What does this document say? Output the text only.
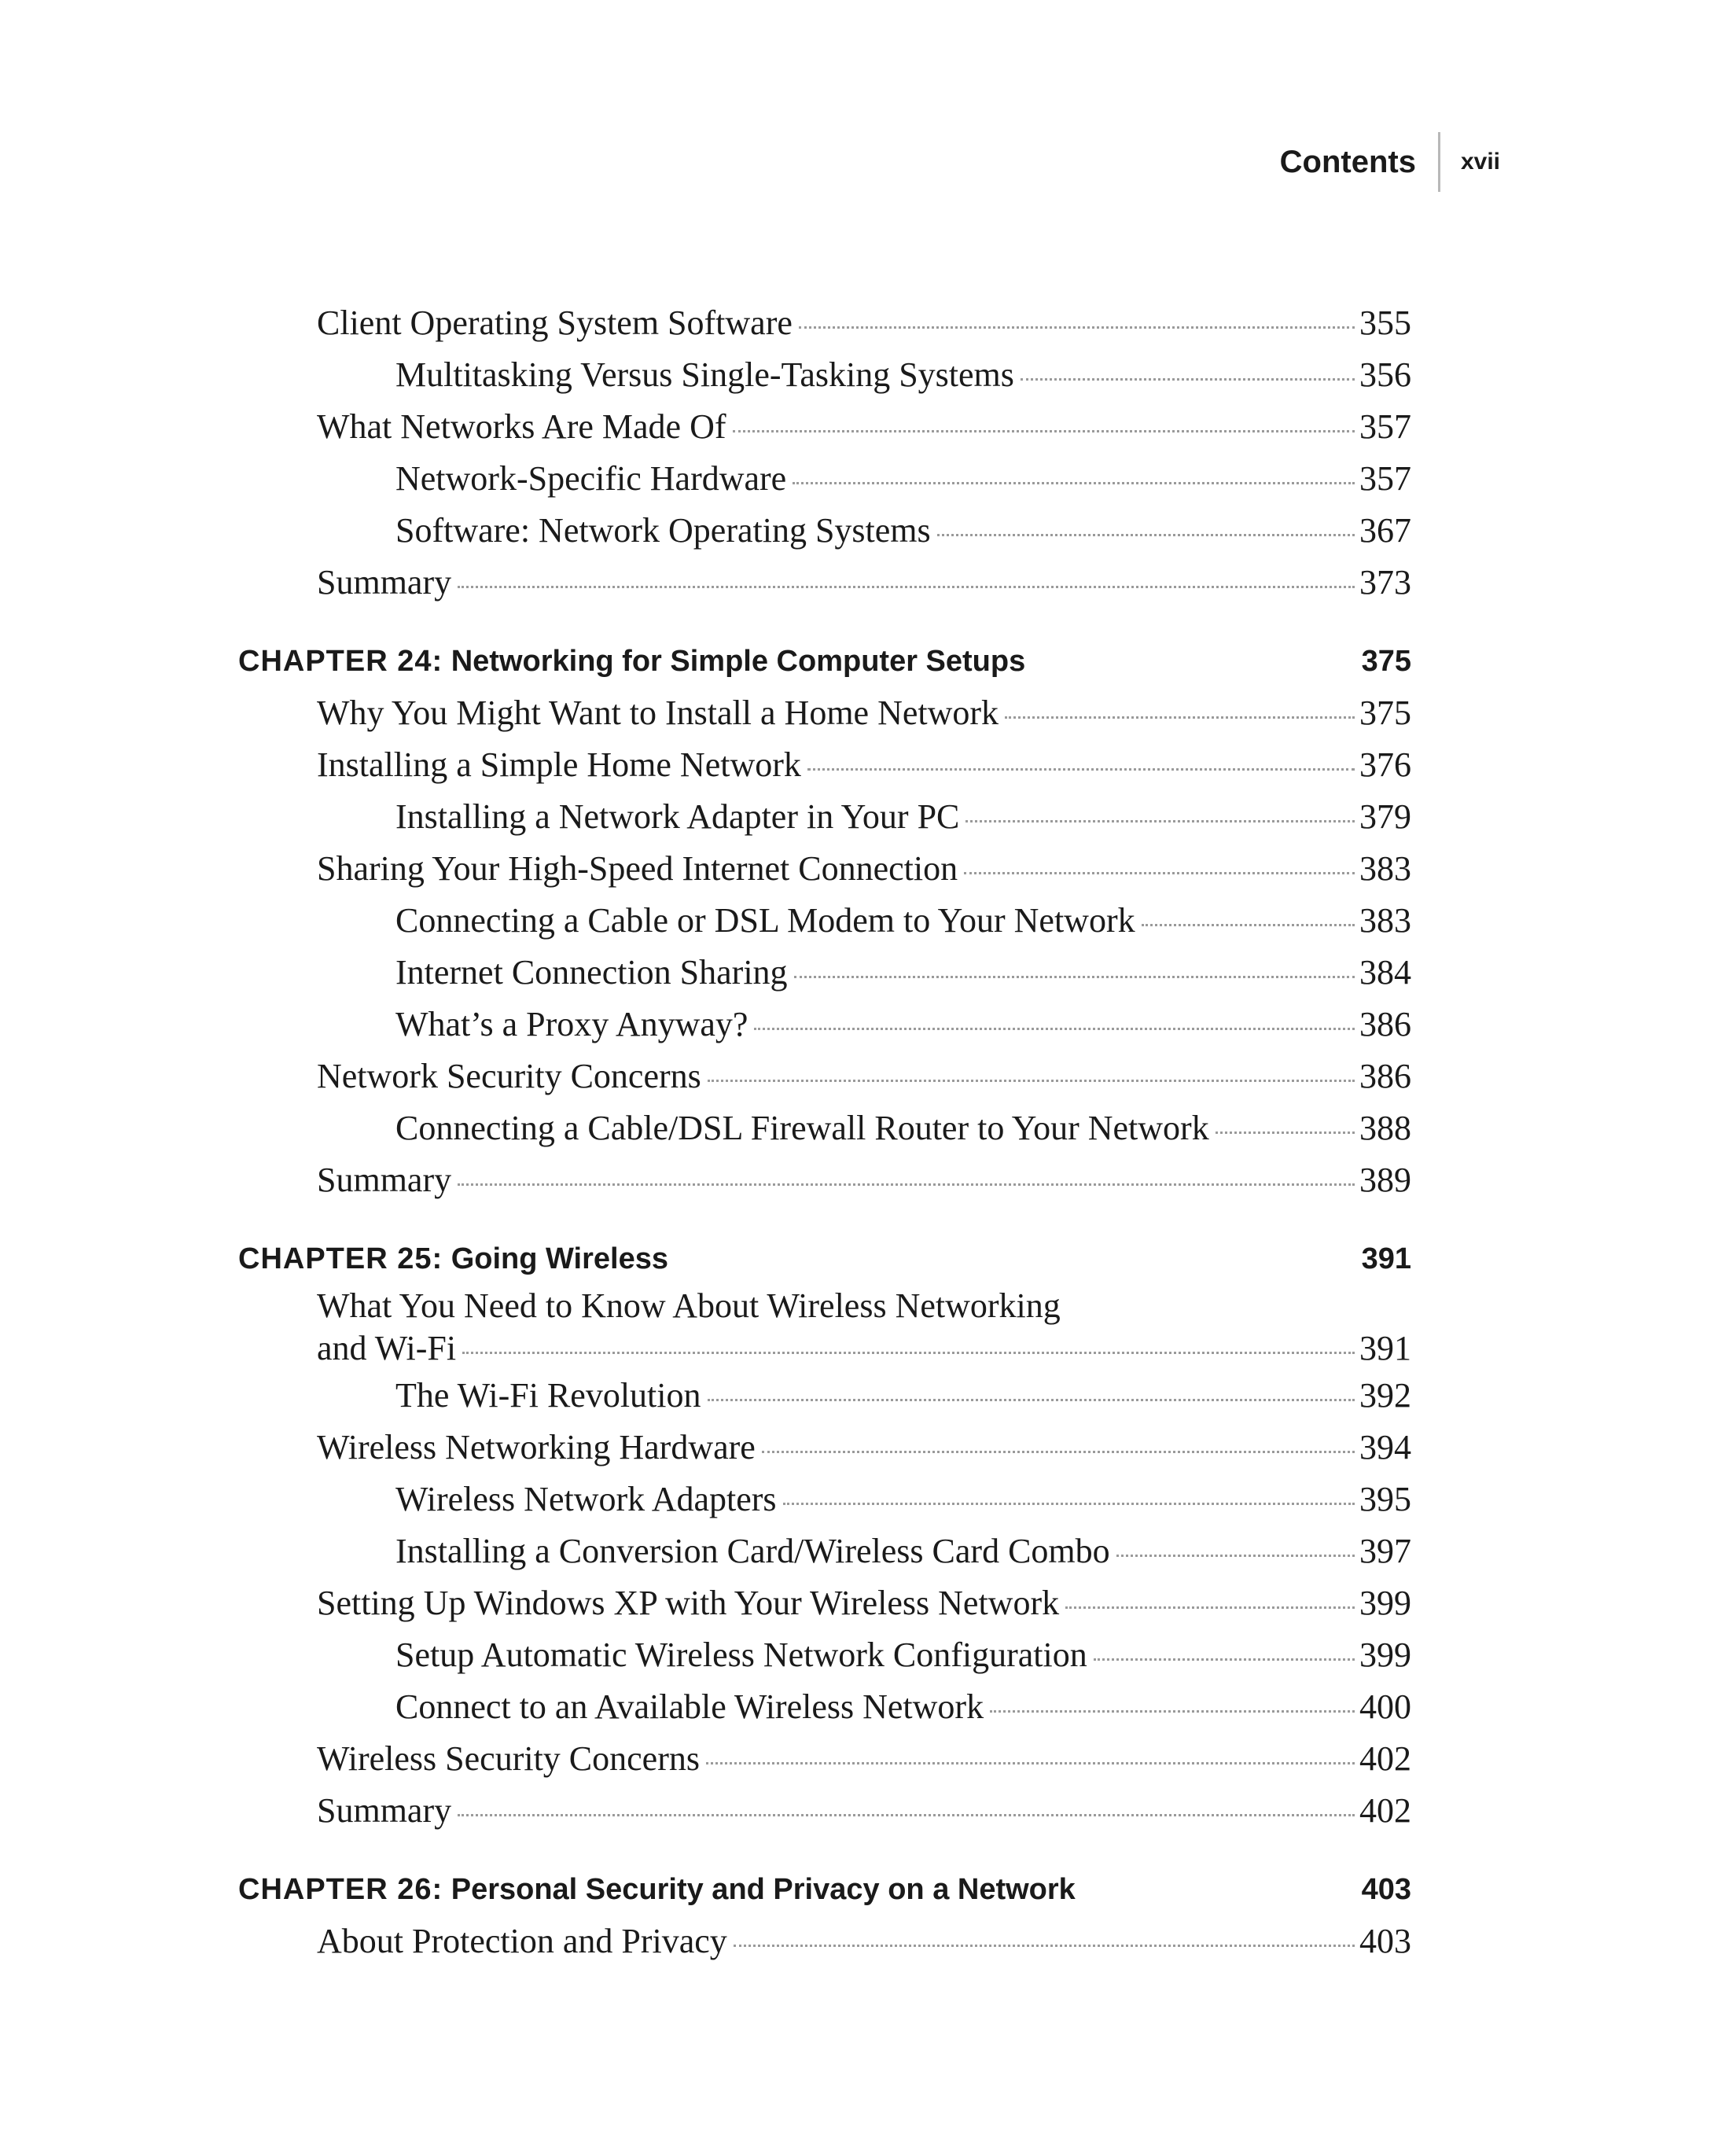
Contents xvii
Client Operating System Software	355
Multitasking Versus Single-Tasking Systems	356
What Networks Are Made Of	357
Network-Specific Hardware	357
Software: Network Operating Systems	367
Summary	373
CHAPTER 24: Networking for Simple Computer Setups	375
Why You Might Want to Install a Home Network	375
Installing a Simple Home Network	376
Installing a Network Adapter in Your PC	379
Sharing Your High-Speed Internet Connection	383
Connecting a Cable or DSL Modem to Your Network	383
Internet Connection Sharing	384
What’s a Proxy Anyway?	386
Network Security Concerns	386
Connecting a Cable/DSL Firewall Router to Your Network	388
Summary	389
CHAPTER 25: Going Wireless	391
What You Need to Know About Wireless Networking
and Wi-Fi	391
The Wi-Fi Revolution	392
Wireless Networking Hardware	394
Wireless Network Adapters	395
Installing a Conversion Card/Wireless Card Combo	397
Setting Up Windows XP with Your Wireless Network	399
Setup Automatic Wireless Network Configuration	399
Connect to an Available Wireless Network	400
Wireless Security Concerns	402
Summary	402
CHAPTER 26: Personal Security and Privacy on a Network	403
About Protection and Privacy	403
